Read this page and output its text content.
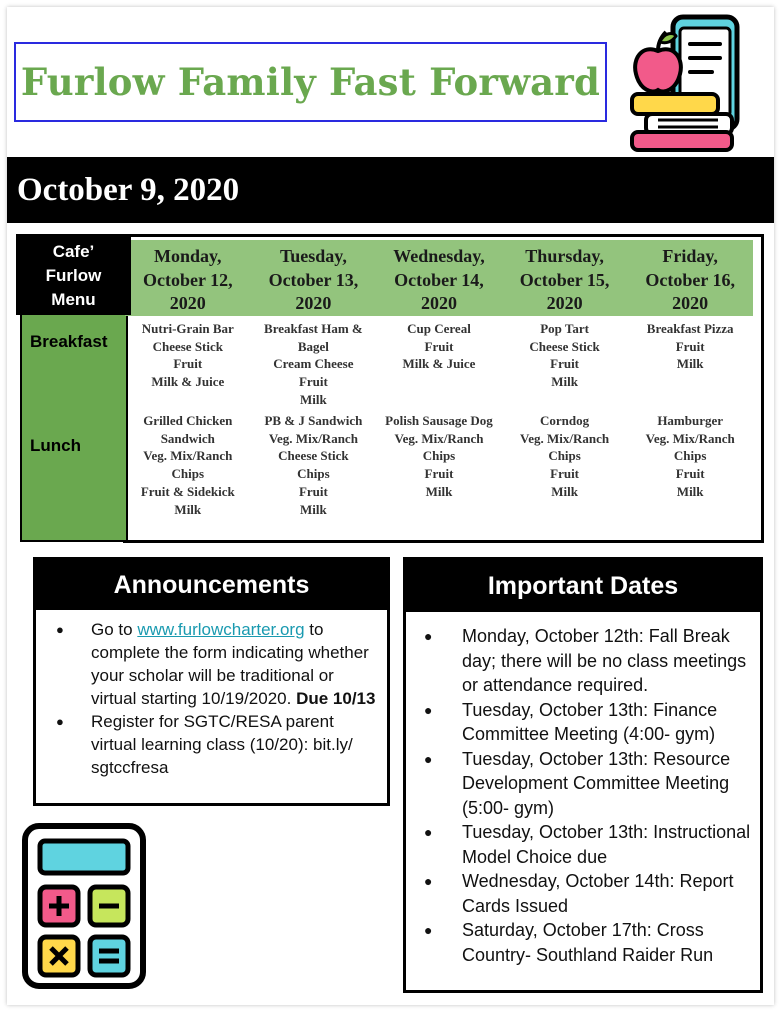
Furlow Family Fast Forward
October 9, 2020
Monday,
October 12,
2020
Tuesday,
October 13,
2020
Wednesday,
October 14,
2020
Thursday,
October 15,
2020
Friday,
October 16,
2020
Cafe’
Furlow
Menu
Breakfast
Lunch
Nutri-Grain Bar
Cheese Stick
Fruit
Milk & Juice
Breakfast Ham &
Bagel
Cream Cheese
Fruit
Milk
Cup Cereal
Fruit
Milk & Juice
Pop Tart
Cheese Stick
Fruit
Milk
Breakfast Pizza
Fruit
Milk
Grilled Chicken
Sandwich
Veg. Mix/Ranch
Chips
Fruit & Sidekick
Milk
PB & J Sandwich
Veg. Mix/Ranch
Cheese Stick
Chips
Fruit
Milk
Polish Sausage Dog
Veg. Mix/Ranch
Chips
Fruit
Milk
Corndog
Veg. Mix/Ranch
Chips
Fruit
Milk
Hamburger
Veg. Mix/Ranch
Chips
Fruit
Milk
Announcements
● Go to www.furlowcharter.org to complete the form indicating whether your scholar will be traditional or virtual starting 10/19/2020. Due 10/13
● Register for SGTC/RESA parent virtual learning class (10/20): bit.ly/ sgtccfresa
Important Dates
● Monday, October 12th: Fall Break day; there will be no class meetings or attendance required.
● Tuesday, October 13th: Finance Committee Meeting (4:00- gym)
● Tuesday, October 13th: Resource Development Committee Meeting (5:00- gym)
● Tuesday, October 13th: Instructional Model Choice due
● Wednesday, October 14th: Report Cards Issued
● Saturday, October 17th: Cross Country- Southland Raider Run
